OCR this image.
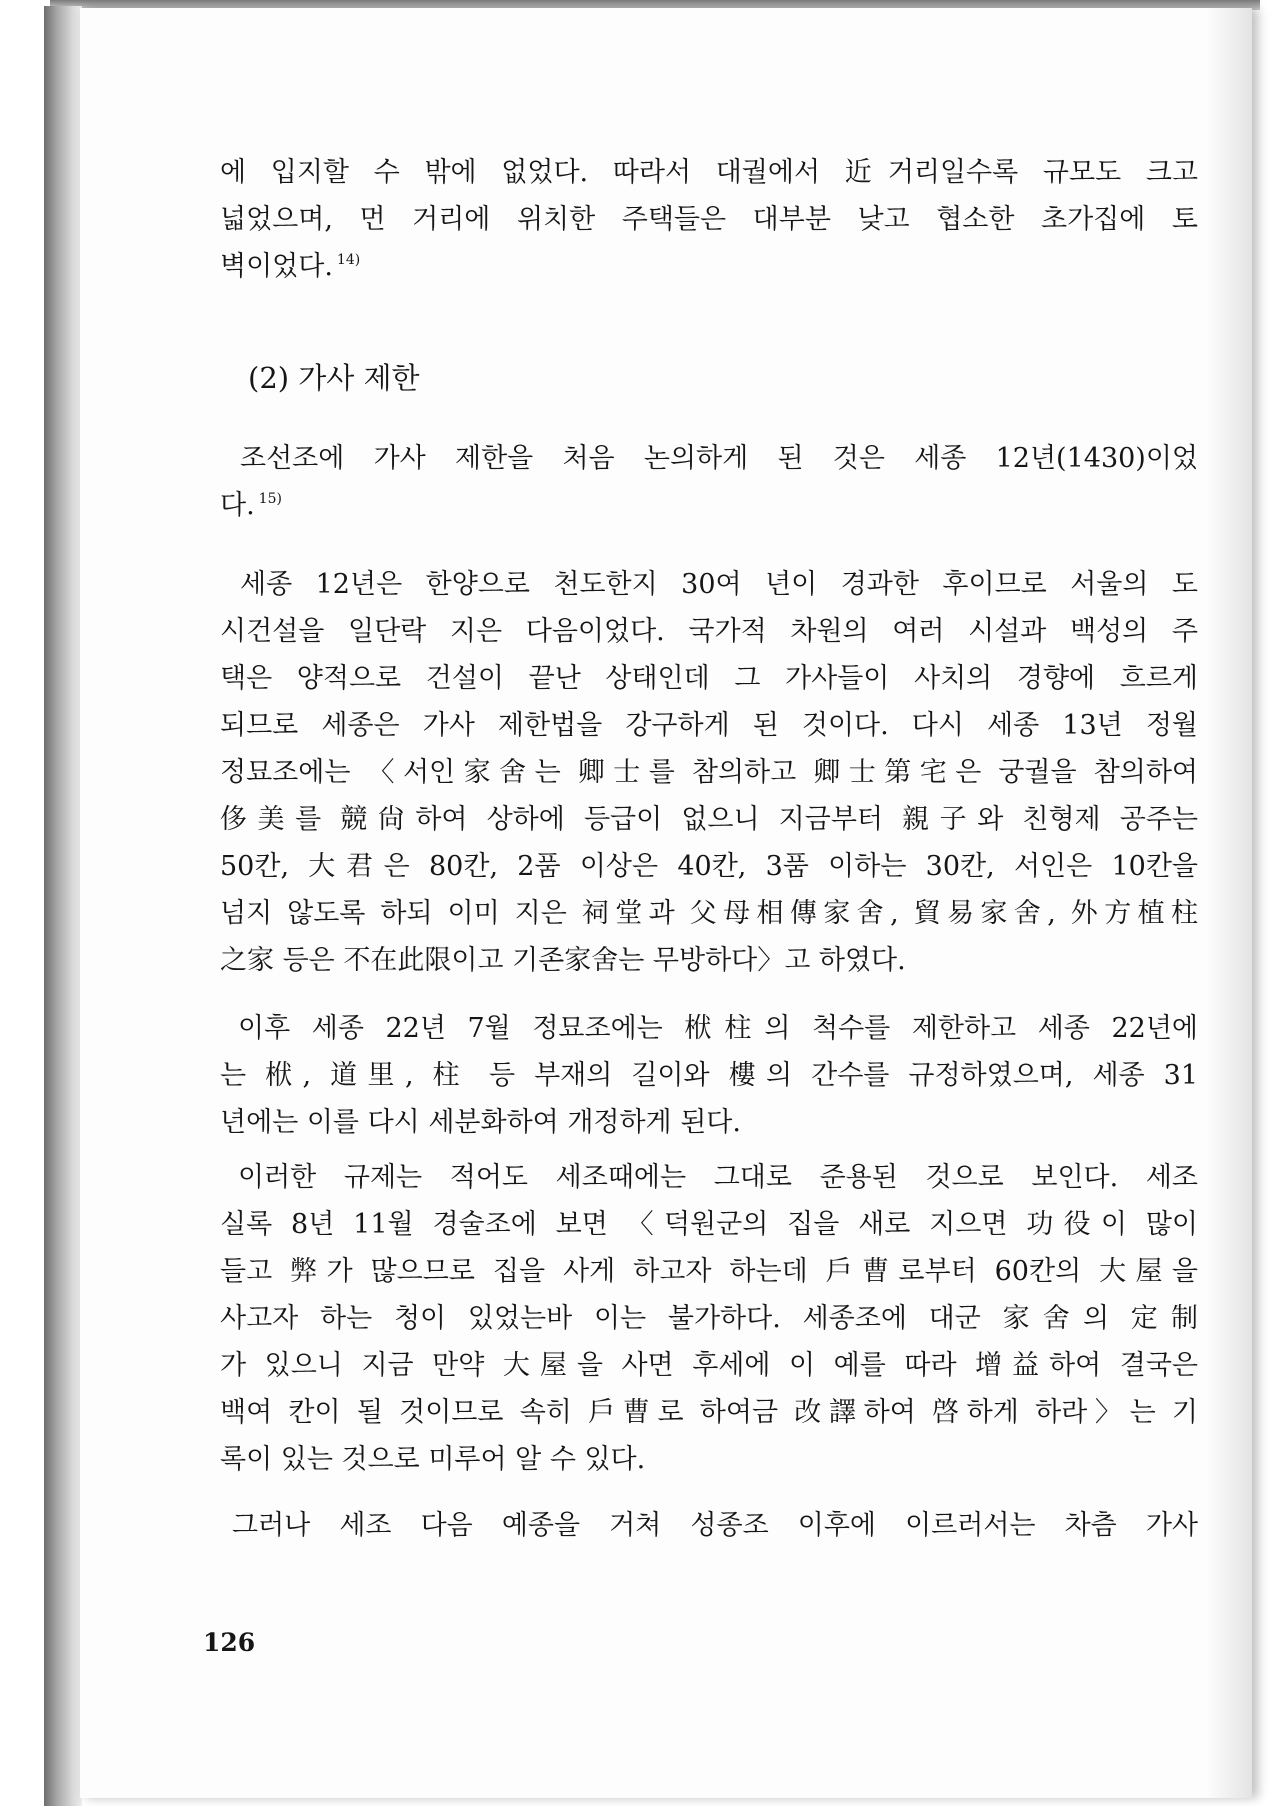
에 입지할 수 밖에 없었다. 따라서 대궐에서 近거리일수록 규모도 크고
넓었으며, 먼 거리에 위치한 주택들은 대부분 낮고 협소한 초가집에 토
벽이었다. $^{14)}$
(2) 가사 제한
조선조에 가사 제한을 처음 논의하게 된 것은 세종 12년(1430)이었
다. $^{15)}$
세종 12년은 한양으로 천도한지 30여 년이 경과한 후이므로 서울의 도
시건설을 일단락 지은 다음이었다. 국가적 차원의 여러 시설과 백성의 주
택은 양적으로 건설이 끝난 상태인데 그 가사들이 사치의 경향에 흐르게
되므로 세종은 가사 제한법을 강구하게 된 것이다. 다시 세종 13년 정월
정묘조에는 〈서인家舍는 卿士를 참의하고 卿士第宅은 궁궐을 참의하여
侈美를 競尙하여 상하에 등급이 없으니 지금부터 親子와 친형제 공주는
50칸, 大君은 80칸, 2품 이상은 40칸, 3품 이하는 30칸, 서인은 10칸을
넘지 않도록 하되 이미 지은 祠堂과 父母相傳家舍, 貿易家舍, 外方植柱
之家 등은 不在此限이고 기존家舍는 무방하다〉고 하였다.
이후 세종 22년 7월 정묘조에는 栿柱의 척수를 제한하고 세종 22년에
는 栿, 道里, 柱 등 부재의 길이와 樓의 간수를 규정하였으며, 세종 31
년에는 이를 다시 세분화하여 개정하게 된다.
이러한 규제는 적어도 세조때에는 그대로 준용된 것으로 보인다. 세조
실록 8년 11월 경술조에 보면 〈덕원군의 집을 새로 지으면 功役이 많이
들고 弊가 많으므로 집을 사게 하고자 하는데 戶曹로부터 60칸의 大屋을
사고자 하는 청이 있었는바 이는 불가하다. 세종조에 대군 家舍의 定制
가 있으니 지금 만약 大屋을 사면 후세에 이 예를 따라 增益하여 결국은
백여 칸이 될 것이므로 속히 戶曹로 하여금 改譯하여 啓하게 하라〉는 기
록이 있는 것으로 미루어 알 수 있다.
그러나 세조 다음 예종을 거쳐 성종조 이후에 이르러서는 차츰 가사
126
